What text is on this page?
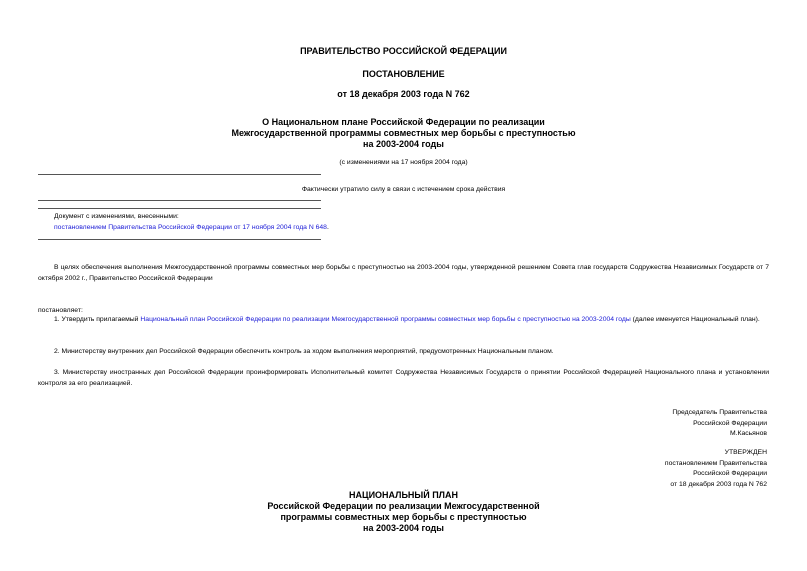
ПРАВИТЕЛЬСТВО РОССИЙСКОЙ ФЕДЕРАЦИИ
ПОСТАНОВЛЕНИЕ
от 18 декабря 2003 года N 762
О Национальном плане Российской Федерации по реализации
Межгосударственной программы совместных мер борьбы с преступностью
на 2003-2004 годы
(с изменениями на 17 ноября 2004 года)
Фактически утратило силу в связи с истечением срока действия
Документ с изменениями, внесенными:
постановлением Правительства Российской Федерации от 17 ноября 2004 года N 648.
В целях обеспечения выполнения Межгосударственной программы совместных мер борьбы с преступностью на 2003-2004 годы, утвержденной решением Совета глав государств Содружества Независимых Государств от 7 октября 2002 г., Правительство Российской Федерации
постановляет:
1. Утвердить прилагаемый Национальный план Российской Федерации по реализации Межгосударственной программы совместных мер борьбы с преступностью на 2003-2004 годы (далее именуется Национальный план).
2. Министерству внутренних дел Российской Федерации обеспечить контроль за ходом выполнения мероприятий, предусмотренных Национальным планом.
3. Министерству иностранных дел Российской Федерации проинформировать Исполнительный комитет Содружества Независимых Государств о принятии Российской Федерацией Национального плана и установлении контроля за его реализацией.
Председатель Правительства
Российской Федерации
М.Касьянов
УТВЕРЖДЕН
постановлением Правительства
Российской Федерации
от 18 декабря 2003 года N 762
НАЦИОНАЛЬНЫЙ ПЛАН
Российской Федерации по реализации Межгосударственной
программы совместных мер борьбы с преступностью
на 2003-2004 годы
